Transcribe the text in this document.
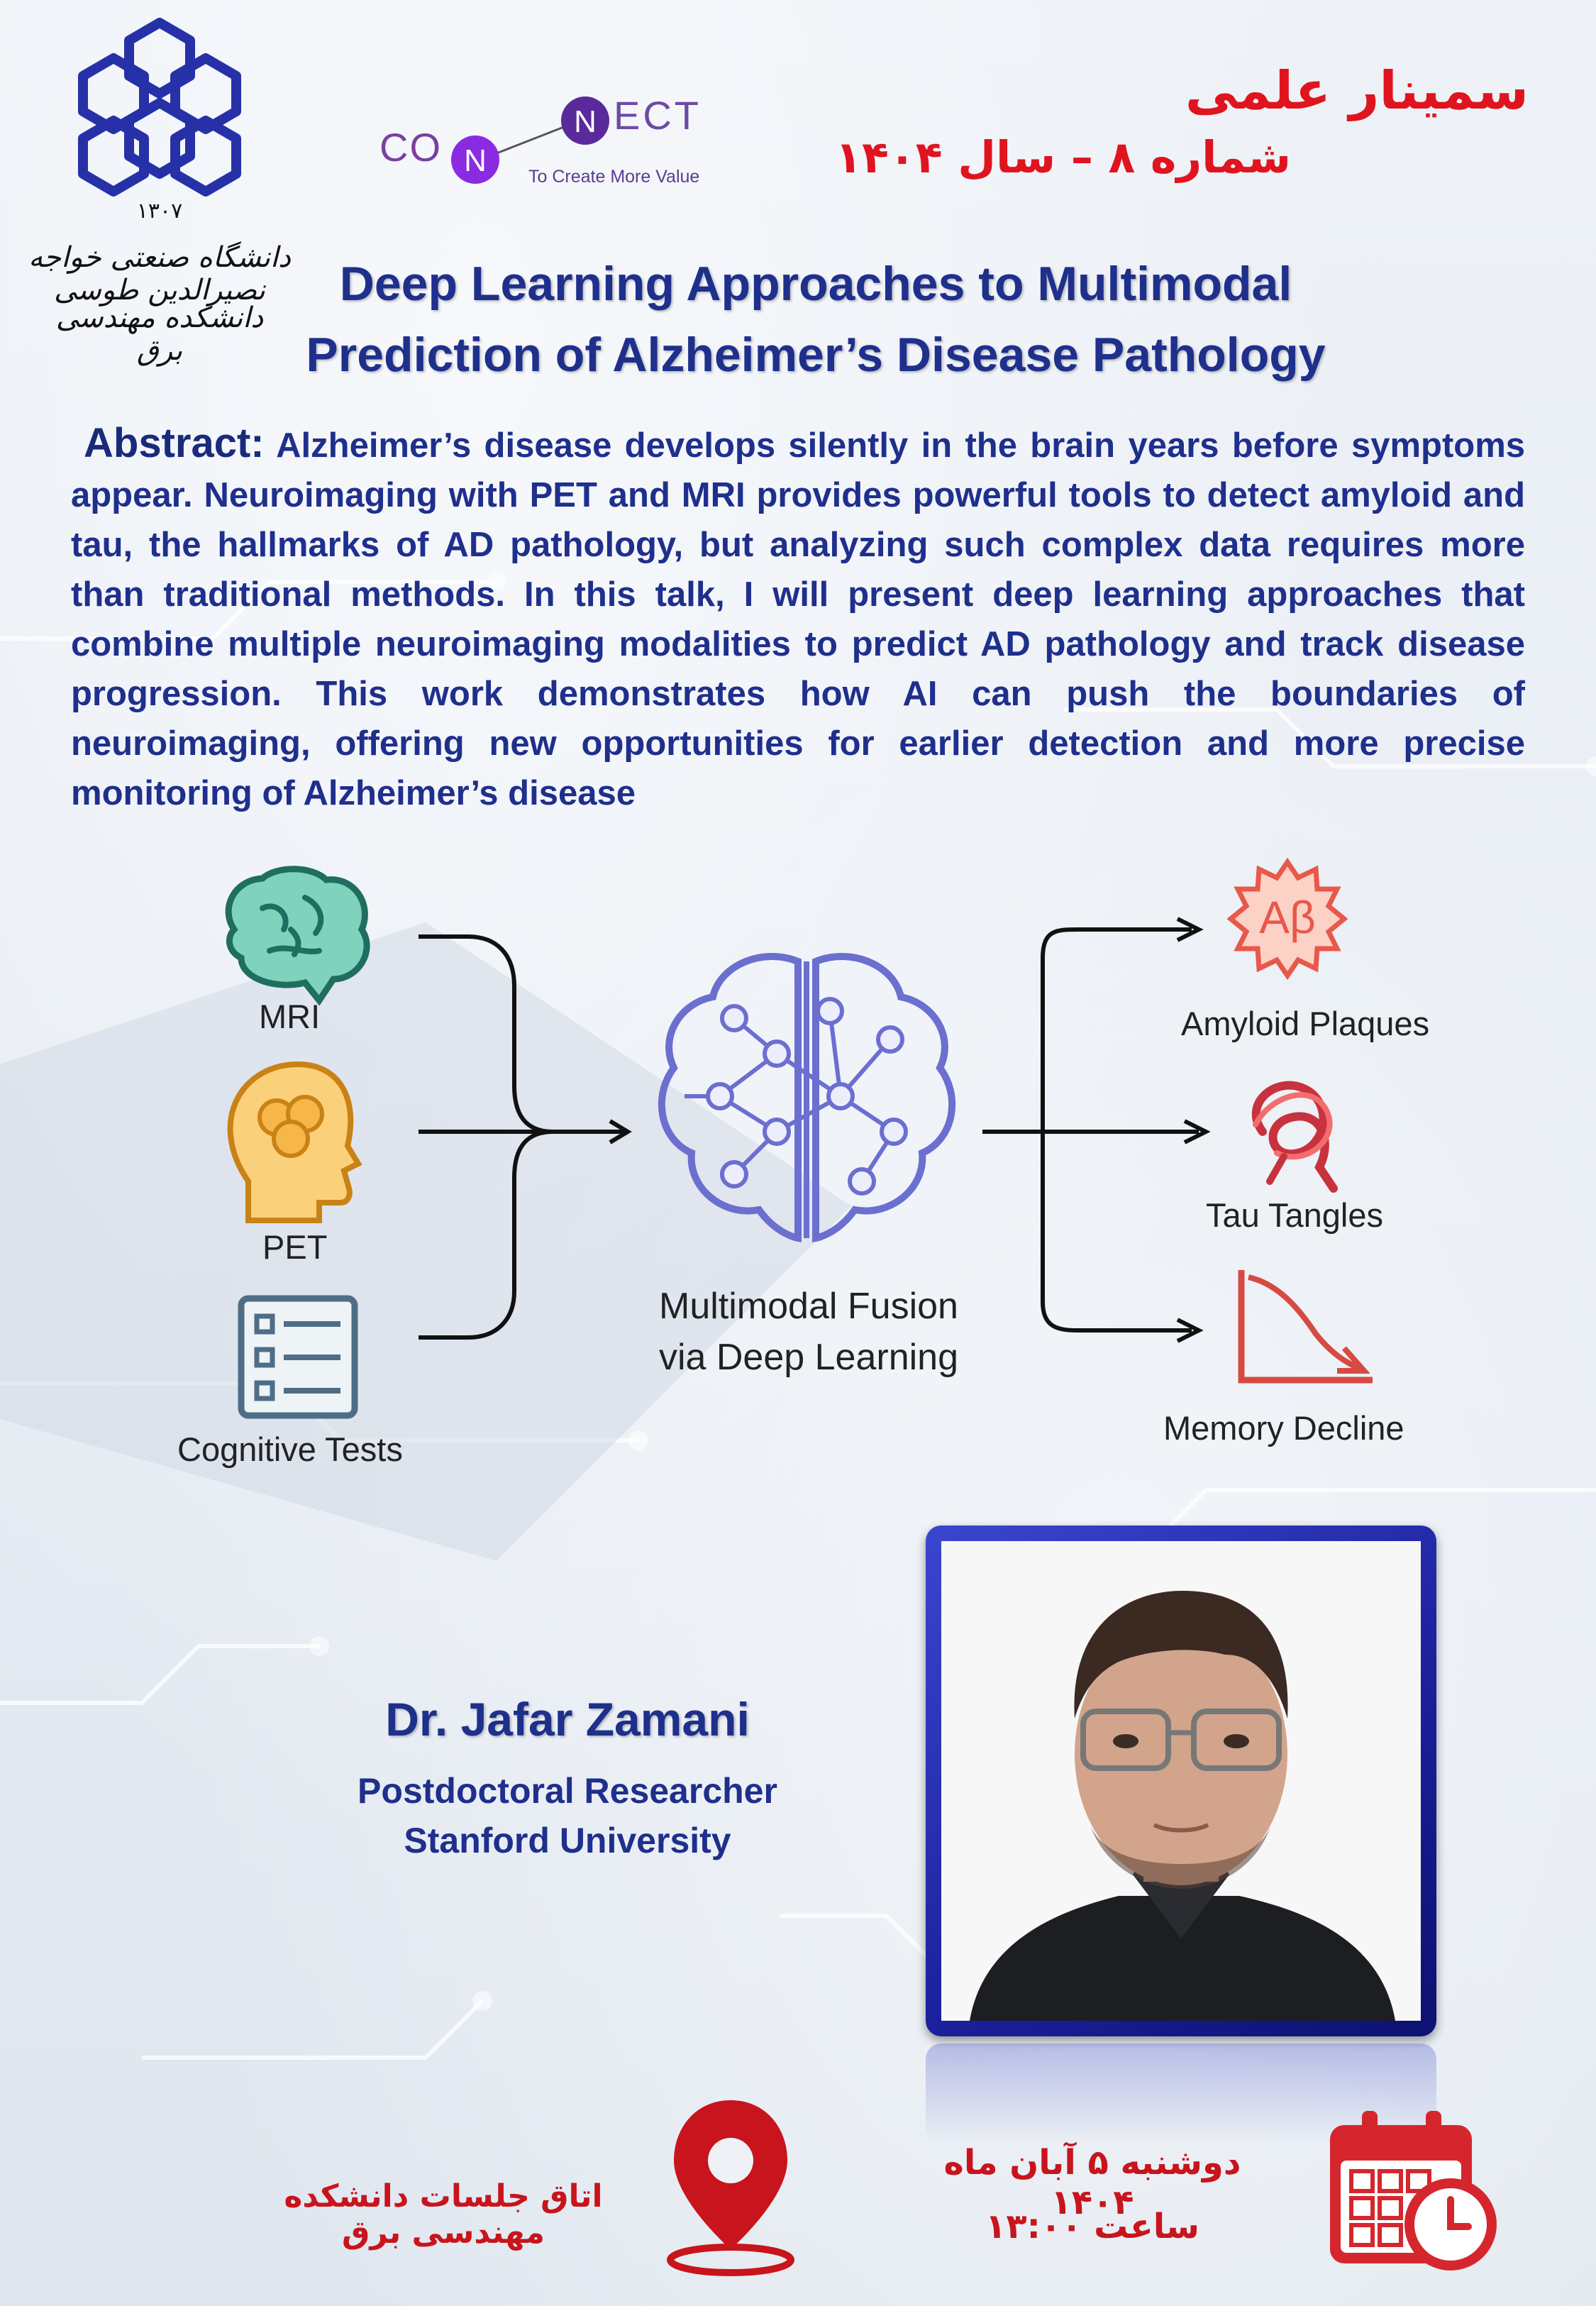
۱۳۰۷
دانشگاه صنعتی خواجه نصیرالدین طوسی
دانشکده مهندسی برق
N
N
CO
ECT
To Create More Value
سمینار علمی
شماره ۸ – سال ۱۴۰۴
Deep Learning Approaches to Multimodal
Prediction of Alzheimer’s Disease Pathology
Abstract: Alzheimer’s disease develops silently in the brain years before symptoms appear. Neuroimaging with PET and MRI provides powerful tools to detect amyloid and tau, the hallmarks of AD pathology, but analyzing such complex data requires more than traditional methods. In this talk, I will present deep learning approaches that combine multiple neuroimaging modalities to predict AD pathology and track disease progression. This work demonstrates how AI can push the boundaries of neuroimaging, offering new opportunities for earlier detection and more precise monitoring of Alzheimer’s disease
Aβ
MRI
PET
Cognitive Tests
Multimodal Fusion
via Deep Learning
Amyloid Plaques
Tau Tangles
Memory Decline
Dr. Jafar Zamani
Postdoctoral Researcher
Stanford University
اتاق جلسات دانشکده مهندسی برق
دوشنبه ۵ آبان ماه ۱۴۰۴
ساعت ۱۳:۰۰
